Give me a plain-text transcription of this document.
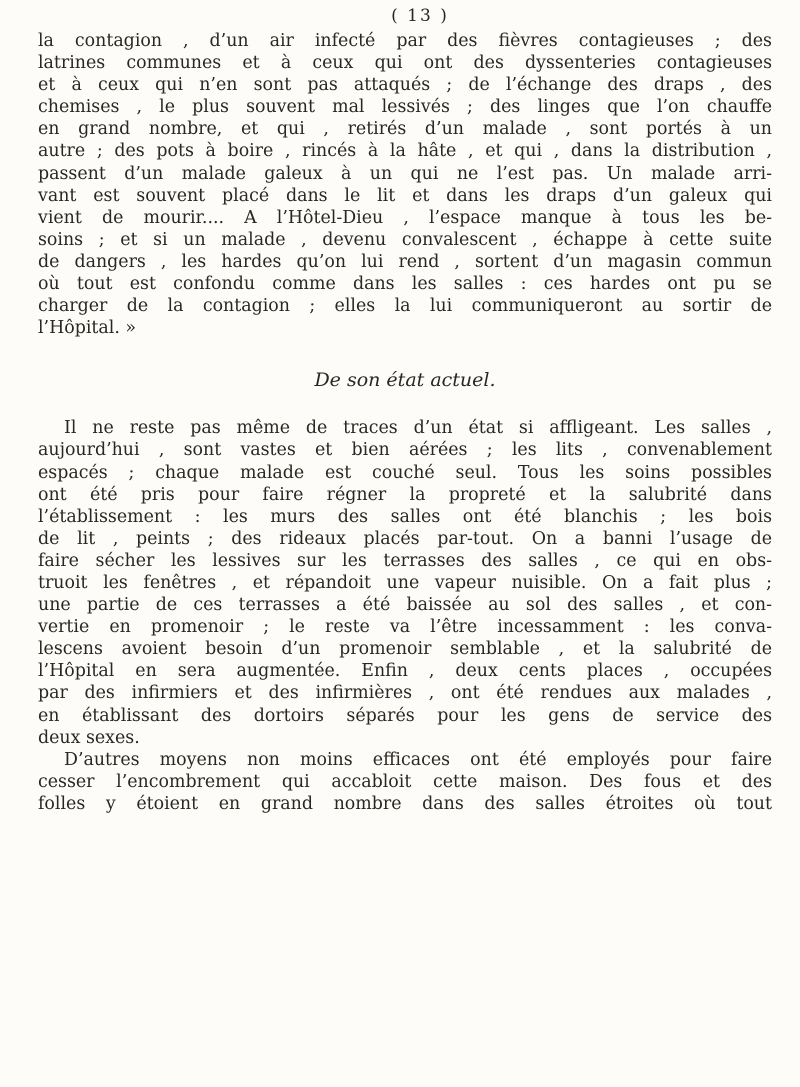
( 13 )

la contagion , d’un air infecté par des fièvres contagieuses ; des
latrines communes et à ceux qui ont des dyssenteries contagieuses
et à ceux qui n’en sont pas attaqués ; de l’échange des draps , des
chemises , le plus souvent mal lessivés ; des linges que l’on chauffe
en grand nombre, et qui , retirés d’un malade , sont portés à un
autre ; des pots à boire , rincés à la hâte , et qui , dans la distribution ,
passent d’un malade galeux à un qui ne l’est pas. Un malade arri-
vant est souvent placé dans le lit et dans les draps d’un galeux qui
vient de mourir.... A l’Hôtel-Dieu , l’espace manque à tous les be-
soins ; et si un malade , devenu convalescent , échappe à cette suite
de dangers , les hardes qu’on lui rend , sortent d’un magasin commun
où tout est confondu comme dans les salles : ces hardes ont pu se
charger de la contagion ; elles la lui communiqueront au sortir de
l’Hôpital. »

De son état actuel.

Il ne reste pas même de traces d’un état si affligeant. Les salles ,
aujourd’hui , sont vastes et bien aérées ; les lits , convenablement
espacés ; chaque malade est couché seul. Tous les soins possibles
ont été pris pour faire régner la propreté et la salubrité dans
l’établissement : les murs des salles ont été blanchis ; les bois
de lit , peints ; des rideaux placés par-tout. On a banni l’usage de
faire sécher les lessives sur les terrasses des salles , ce qui en obs-
truoit les fenêtres , et répandoit une vapeur nuisible. On a fait plus ;
une partie de ces terrasses a été baissée au sol des salles , et con-
vertie en promenoir ; le reste va l’être incessamment : les conva-
lescens avoient besoin d’un promenoir semblable , et la salubrité de
l’Hôpital en sera augmentée. Enfin , deux cents places , occupées
par des infirmiers et des infirmières , ont été rendues aux malades ,
en établissant des dortoirs séparés pour les gens de service des
deux sexes.

D’autres moyens non moins efficaces ont été employés pour faire
cesser l’encombrement qui accabloit cette maison. Des fous et des
folles y étoient en grand nombre dans des salles étroites où tout
